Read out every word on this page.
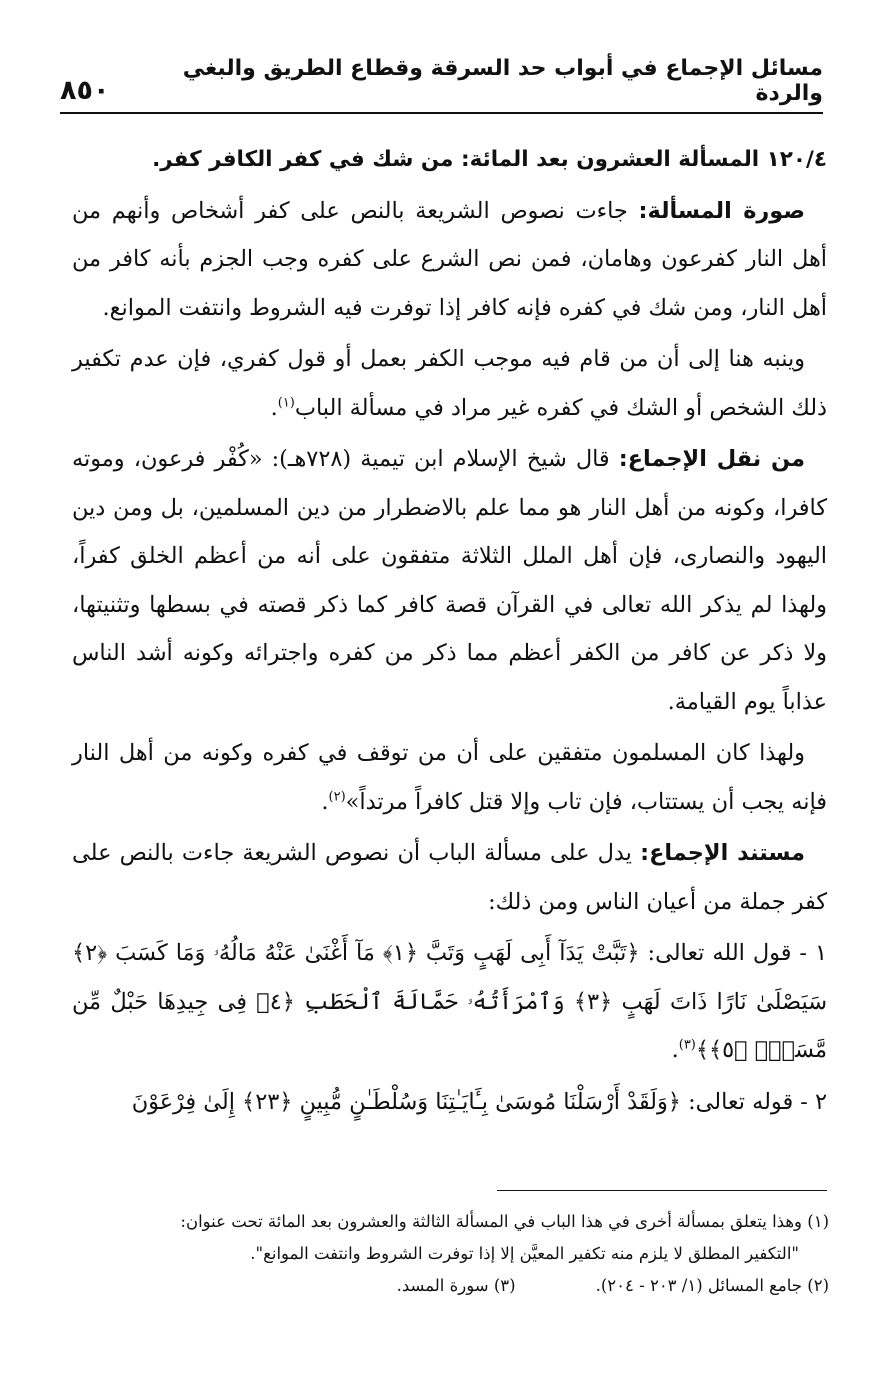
مسائل الإجماع في أبواب حد السرقة وقطاع الطريق والبغي والردة
٨٥٠

١٢٠/٤ المسألة العشرون بعد المائة: من شك في كفر الكافر كفر.

صورة المسألة: جاءت نصوص الشريعة بالنص على كفر أشخاص وأنهم من أهل النار كفرعون وهامان، فمن نص الشرع على كفره وجب الجزم بأنه كافر من أهل النار، ومن شك في كفره فإنه كافر إذا توفرت فيه الشروط وانتفت الموانع.

وينبه هنا إلى أن من قام فيه موجب الكفر بعمل أو قول كفري، فإن عدم تكفير ذلك الشخص أو الشك في كفره غير مراد في مسألة الباب$^{(١)}$.

من نقل الإجماع: قال شيخ الإسلام ابن تيمية (٧٢٨هـ): «كُفْر فرعون، وموته كافرا، وكونه من أهل النار هو مما علم بالاضطرار من دين المسلمين، بل ومن دين اليهود والنصارى، فإن أهل الملل الثلاثة متفقون على أنه من أعظم الخلق كفراً، ولهذا لم يذكر الله تعالى في القرآن قصة كافر كما ذكر قصته في بسطها وتثنيتها، ولا ذكر عن كافر من الكفر أعظم مما ذكر من كفره واجترائه وكونه أشد الناس عذاباً يوم القيامة.

ولهذا كان المسلمون متفقين على أن من توقف في كفره وكونه من أهل النار فإنه يجب أن يستتاب، فإن تاب وإلا قتل كافراً مرتداً»$^{(٢)}$.

مستند الإجماع: يدل على مسألة الباب أن نصوص الشريعة جاءت بالنص على كفر جملة من أعيان الناس ومن ذلك:

١ - قول الله تعالى: ﴿تَبَّتْ يَدَآ أَبِى لَهَبٍ وَتَبَّ ﴿١﴾ مَآ أَغْنَىٰ عَنْهُ مَالُهُۥ وَمَا كَسَبَ ﴿٢﴾ سَيَصْلَىٰ نَارًا ذَاتَ لَهَبٍ ﴿٣﴾ وَٱمْرَأَتُهُۥ حَمَّالَةَ ٱلْحَطَبِ ﴿٤﴾ فِى جِيدِهَا حَبْلٌ مِّن مَّسَدٍۭ ﴿٥﴾﴾$^{(٣)}$.

٢ - قوله تعالى: ﴿وَلَقَدْ أَرْسَلْنَا مُوسَىٰ بِـَٔايَـٰتِنَا وَسُلْطَـٰنٍ مُّبِينٍ ﴿٢٣﴾ إِلَىٰ فِرْعَوْنَ

(١) وهذا يتعلق بمسألة أخرى في هذا الباب في المسألة الثالثة والعشرون بعد المائة تحت عنوان:

"التكفير المطلق لا يلزم منه تكفير المعيَّن إلا إذا توفرت الشروط وانتفت الموانع".

(٢) جامع المسائل (١/ ٢٠٣ - ٢٠٤).
(٣) سورة المسد.
